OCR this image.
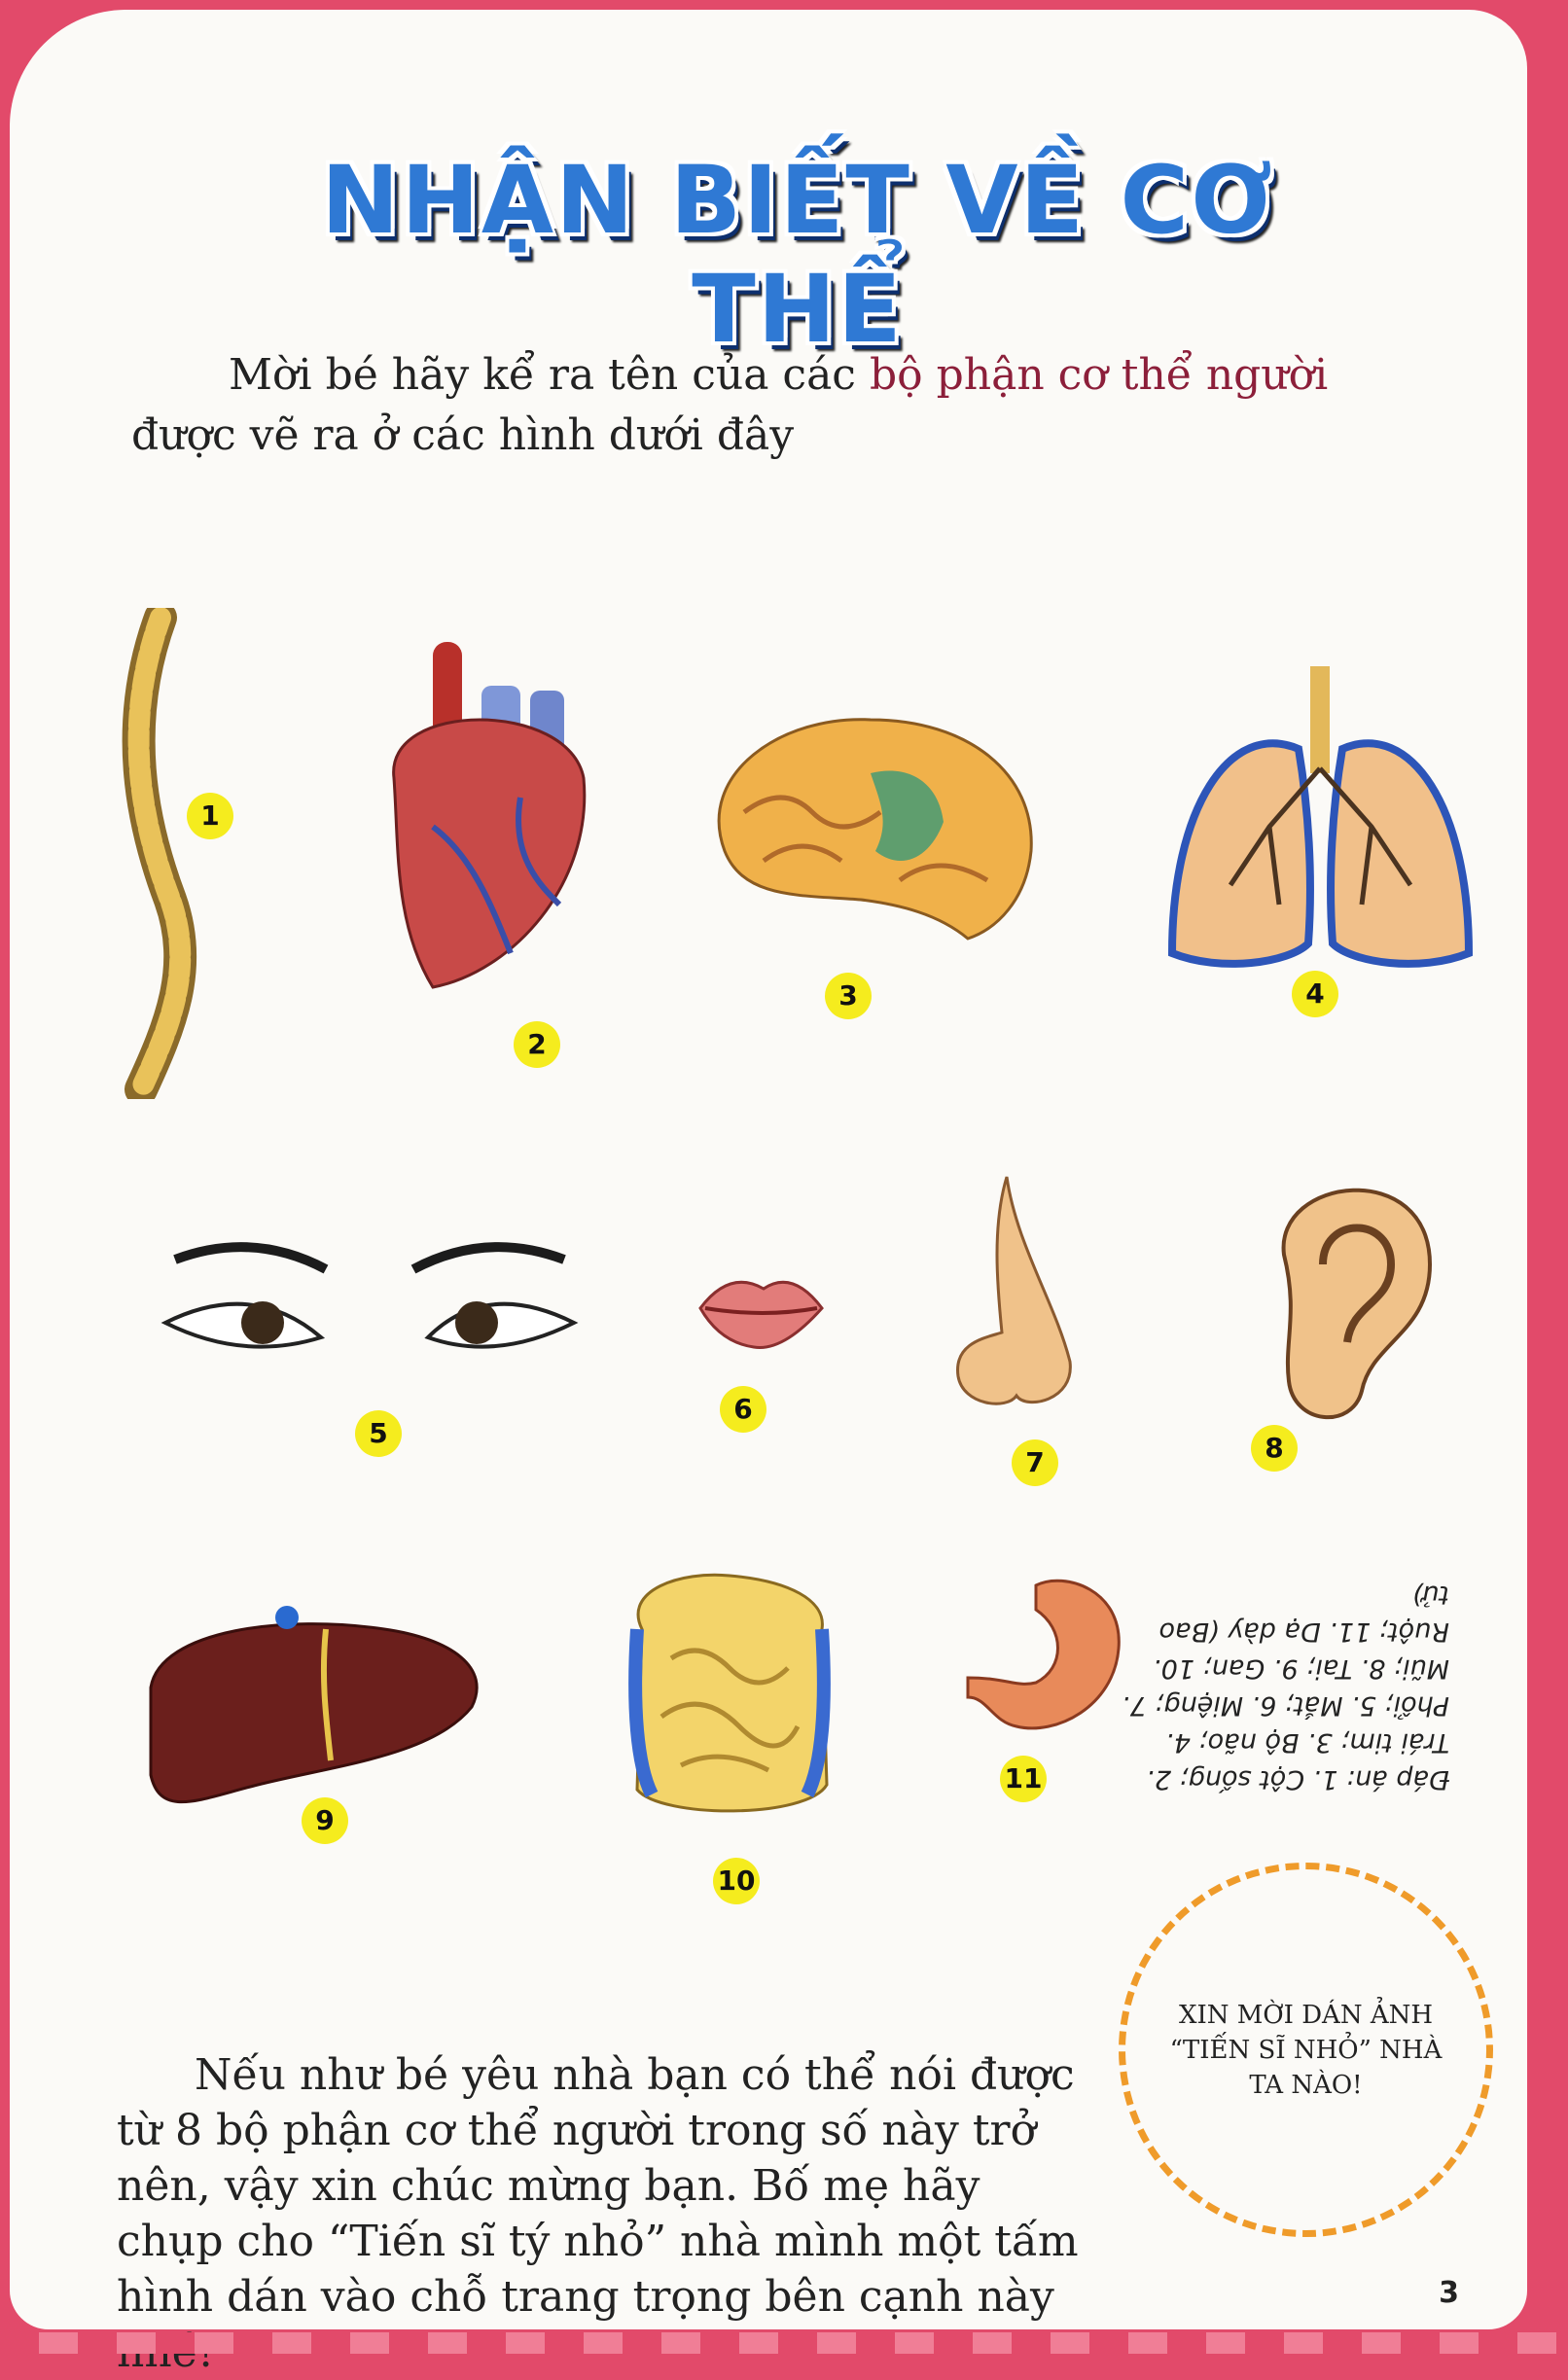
NHẬN BIẾT VỀ CƠ THỂ
Mời bé hãy kể ra tên của các bộ phận cơ thể người được vẽ ra ở các hình dưới đây
1
2
3	4
5
6
7	8
9
10
11	Đáp án: 1. Cột sống; 2. Trái tim; 3. Bộ não; 4. Phổi; 5. Mắt; 6. Miệng; 7. Mũi; 8. Tai; 9. Gan; 10. Ruột; 11. Dạ dày (Bao tử)
XIN MỜI DÁN ẢNH “TIẾN SĨ NHỎ” NHÀ TA NÀO!
Nếu như bé yêu nhà bạn có thể nói được từ 8 bộ phận cơ thể người trong số này trở nên, vậy xin chúc mừng bạn. Bố mẹ hãy chụp cho “Tiến sĩ tý nhỏ” nhà mình một tấm hình dán vào chỗ trang trọng bên cạnh này	3
